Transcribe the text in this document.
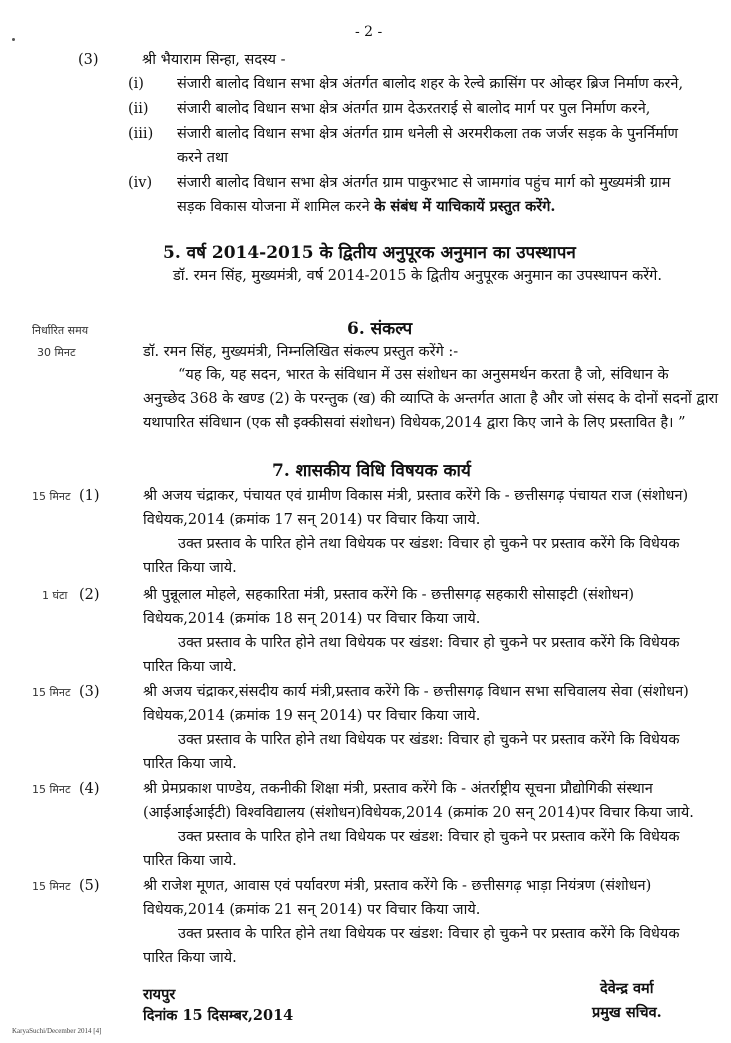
- 2 -
(3)	श्री भैयाराम सिन्हा, सदस्य -
(i) संजारी बालोद विधान सभा क्षेत्र अंतर्गत बालोद शहर के रेल्वे क्रासिंग पर ओव्हर ब्रिज निर्माण करने,
(ii) संजारी बालोद विधान सभा क्षेत्र अंतर्गत ग्राम देऊरतराई से बालोद मार्ग पर पुल निर्माण करने,
(iii) संजारी बालोद विधान सभा क्षेत्र अंतर्गत ग्राम धनेली से अरमरीकला तक जर्जर सड़क के पुनर्निर्माण
करने तथा
(iv) संजारी बालोद विधान सभा क्षेत्र अंतर्गत ग्राम पाकुरभाट से जामगांव पहुंच मार्ग को मुख्यमंत्री ग्राम
सड़क विकास योजना में शामिल करने के संबंध में याचिकायें प्रस्तुत करेंगे.
5. वर्ष 2014-2015 के द्वितीय अनुपूरक अनुमान का उपस्थापन
डॉ. रमन सिंह, मुख्यमंत्री, वर्ष 2014-2015 के द्वितीय अनुपूरक अनुमान का उपस्थापन करेंगे.
निर्धारित समय
30 मिनट
6. संकल्प
डॉ. रमन सिंह, मुख्यमंत्री, निम्नलिखित संकल्प प्रस्तुत करेंगे :-
“यह कि, यह सदन, भारत के संविधान में उस संशोधन का अनुसमर्थन करता है जो, संविधान के
अनुच्छेद 368 के खण्ड (2) के परन्तुक (ख) की व्याप्ति के अन्तर्गत आता है और जो संसद के दोनों सदनों द्वारा
यथापारित संविधान (एक सौ इक्कीसवां संशोधन) विधेयक,2014 द्वारा किए जाने के लिए प्रस्तावित है। ”
7. शासकीय विधि विषयक कार्य
15 मिनट (1)	श्री अजय चंद्राकर, पंचायत एवं ग्रामीण विकास मंत्री, प्रस्ताव करेंगे कि - छत्तीसगढ़ पंचायत राज (संशोधन)
विधेयक,2014 (क्रमांक 17 सन् 2014) पर विचार किया जाये.
उक्त प्रस्ताव के पारित होने तथा विधेयक पर खंडश: विचार हो चुकने पर प्रस्ताव करेंगे कि विधेयक
पारित किया जाये.
1 घंटा (2)	श्री पुन्नूलाल मोहले, सहकारिता मंत्री, प्रस्ताव करेंगे कि - छत्तीसगढ़ सहकारी सोसाइटी (संशोधन)
विधेयक,2014 (क्रमांक 18 सन् 2014) पर विचार किया जाये.
उक्त प्रस्ताव के पारित होने तथा विधेयक पर खंडश: विचार हो चुकने पर प्रस्ताव करेंगे कि विधेयक
पारित किया जाये.
15 मिनट (3)	श्री अजय चंद्राकर,संसदीय कार्य मंत्री,प्रस्ताव करेंगे कि - छत्तीसगढ़ विधान सभा सचिवालय सेवा (संशोधन)
विधेयक,2014 (क्रमांक 19 सन् 2014) पर विचार किया जाये.
उक्त प्रस्ताव के पारित होने तथा विधेयक पर खंडश: विचार हो चुकने पर प्रस्ताव करेंगे कि विधेयक
पारित किया जाये.
15 मिनट (4)	श्री प्रेमप्रकाश पाण्डेय, तकनीकी शिक्षा मंत्री, प्रस्ताव करेंगे कि - अंतर्राष्ट्रीय सूचना प्रौद्योगिकी संस्थान
(आईआईआईटी) विश्वविद्यालय (संशोधन)विधेयक,2014 (क्रमांक 20 सन् 2014)पर विचार किया जाये.
उक्त प्रस्ताव के पारित होने तथा विधेयक पर खंडश: विचार हो चुकने पर प्रस्ताव करेंगे कि विधेयक
पारित किया जाये.
15 मिनट (5)	श्री राजेश मूणत, आवास एवं पर्यावरण मंत्री, प्रस्ताव करेंगे कि - छत्तीसगढ़ भाड़ा नियंत्रण (संशोधन)
विधेयक,2014 (क्रमांक 21 सन् 2014) पर विचार किया जाये.
उक्त प्रस्ताव के पारित होने तथा विधेयक पर खंडश: विचार हो चुकने पर प्रस्ताव करेंगे कि विधेयक
पारित किया जाये.
रायपुर
दिनांक 15 दिसम्बर,2014
देवेन्द्र वर्मा
प्रमुख सचिव.
KaryaSuchi/December 2014 [4]
